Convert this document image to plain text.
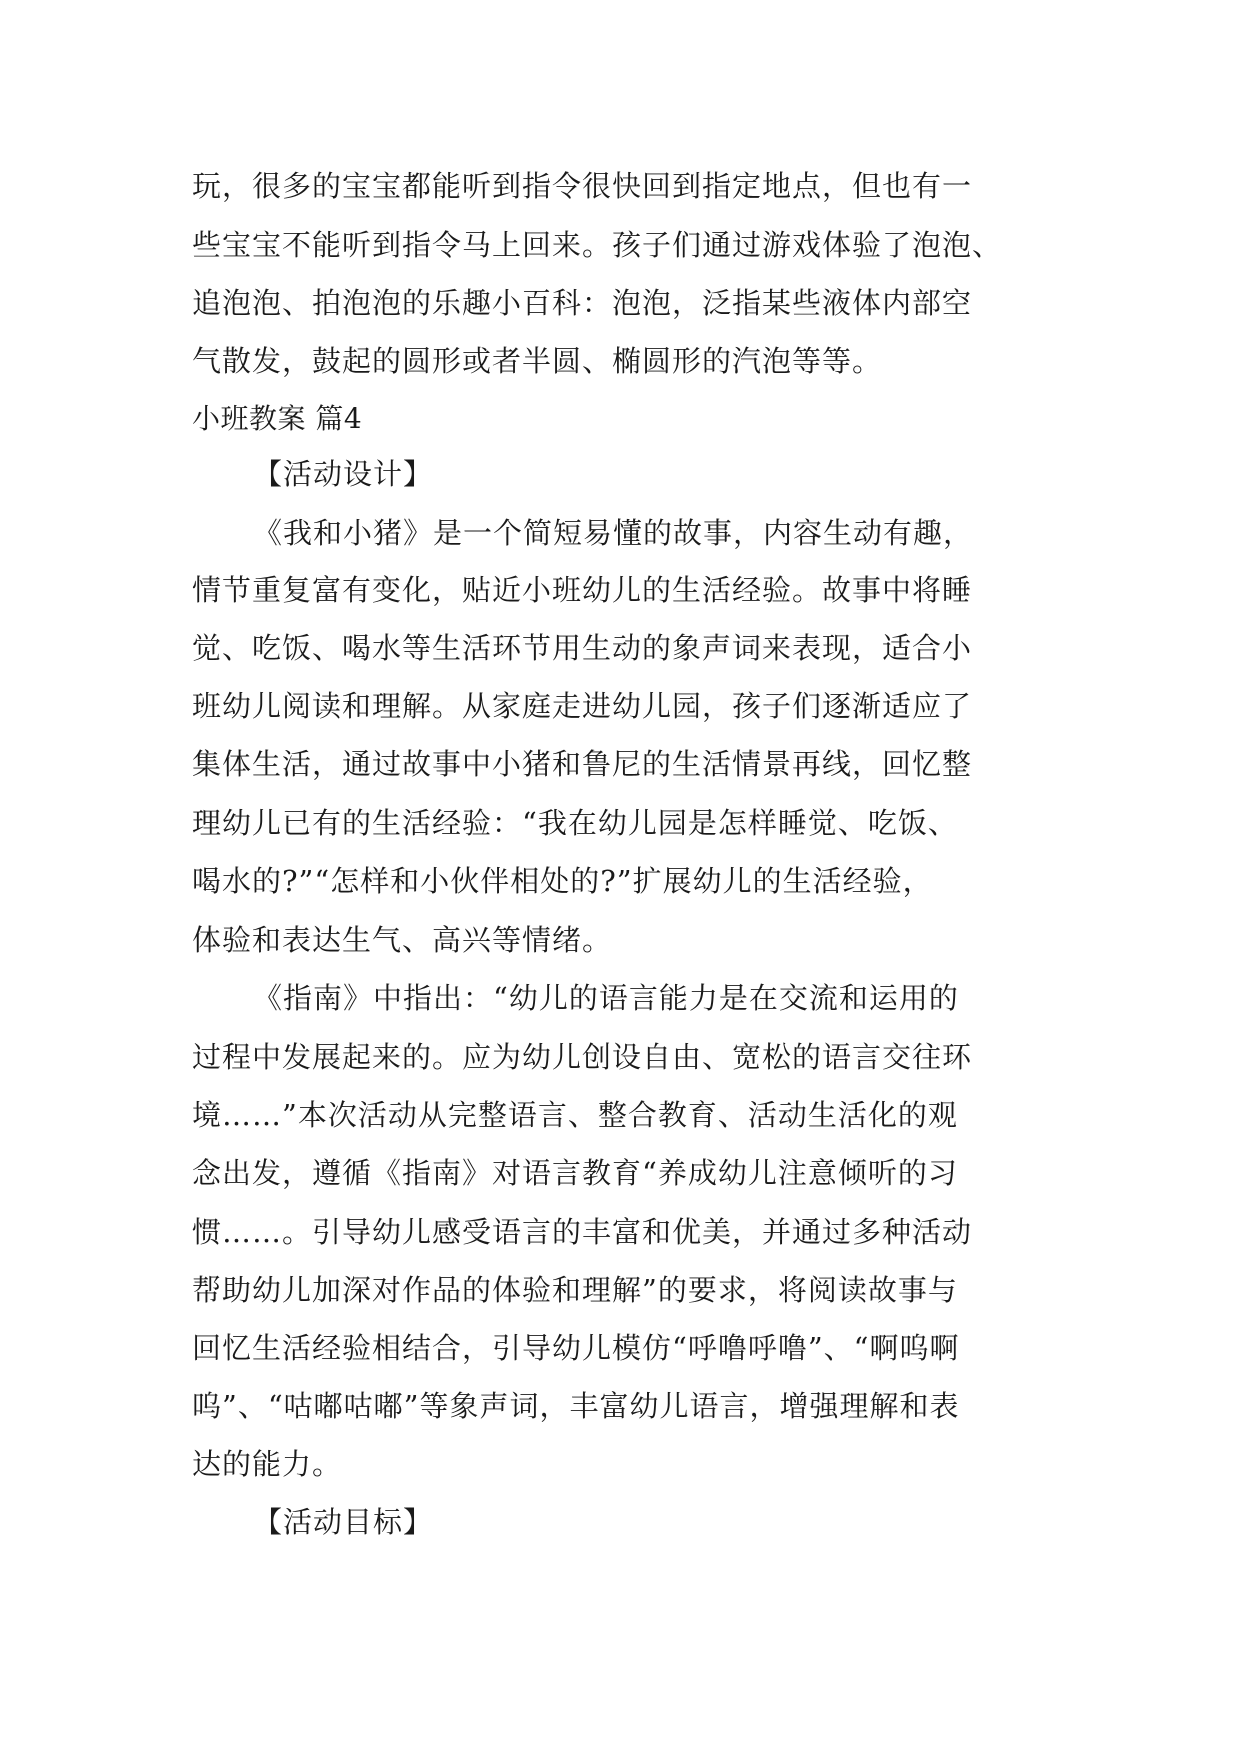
玩，很多的宝宝都能听到指令很快回到指定地点，但也有一

些宝宝不能听到指令马上回来。孩子们通过游戏体验了泡泡、

追泡泡、拍泡泡的乐趣小百科：泡泡，泛指某些液体内部空

气散发，鼓起的圆形或者半圆、椭圆形的汽泡等等。

小班教案 篇4

【活动设计】

《我和小猪》是一个简短易懂的故事，内容生动有趣，

情节重复富有变化，贴近小班幼儿的生活经验。故事中将睡

觉、吃饭、喝水等生活环节用生动的象声词来表现，适合小

班幼儿阅读和理解。从家庭走进幼儿园，孩子们逐渐适应了

集体生活，通过故事中小猪和鲁尼的生活情景再线，回忆整

理幼儿已有的生活经验：“我在幼儿园是怎样睡觉、吃饭、

喝水的?”“怎样和小伙伴相处的?”扩展幼儿的生活经验，

体验和表达生气、高兴等情绪。

《指南》中指出：“幼儿的语言能力是在交流和运用的

过程中发展起来的。应为幼儿创设自由、宽松的语言交往环

境……”本次活动从完整语言、整合教育、活动生活化的观

念出发，遵循《指南》对语言教育“养成幼儿注意倾听的习

惯……。引导幼儿感受语言的丰富和优美，并通过多种活动

帮助幼儿加深对作品的体验和理解”的要求，将阅读故事与

回忆生活经验相结合，引导幼儿模仿“呼噜呼噜”、“啊呜啊

呜”、“咕嘟咕嘟”等象声词，丰富幼儿语言，增强理解和表

达的能力。

【活动目标】
